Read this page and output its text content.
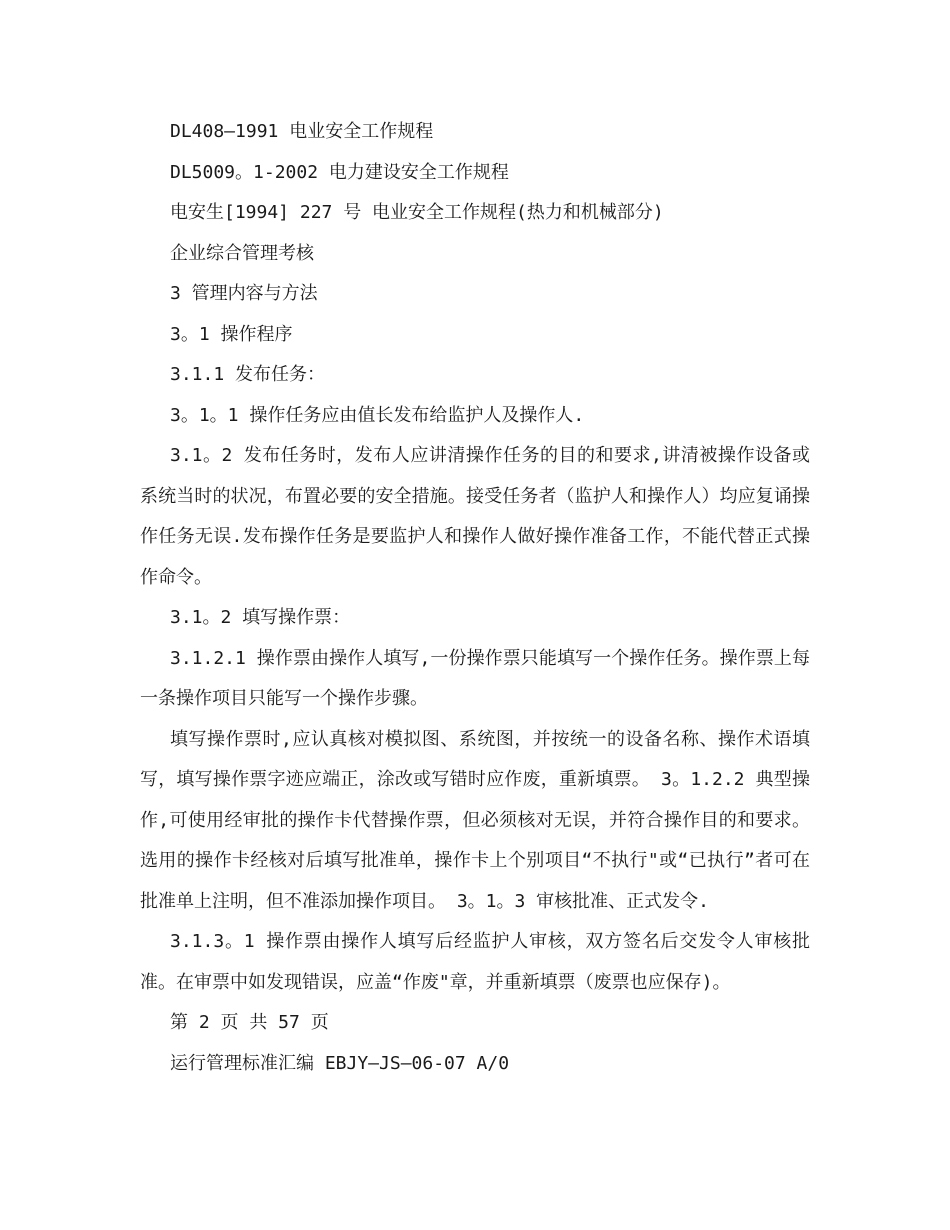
DL408—1991 电业安全工作规程
DL5009。1-2002 电力建设安全工作规程
电安生[1994] 227 号 电业安全工作规程(热力和机械部分)
企业综合管理考核
3 管理内容与方法
3。1 操作程序
3.1.1 发布任务：
3。1。1 操作任务应由值长发布给监护人及操作人.
3.1。2 发布任务时，发布人应讲清操作任务的目的和要求,讲清被操作设备或系统当时的状况，布置必要的安全措施。接受任务者（监护人和操作人）均应复诵操作任务无误.发布操作任务是要监护人和操作人做好操作准备工作，不能代替正式操作命令。
3.1。2 填写操作票：
3.1.2.1 操作票由操作人填写,一份操作票只能填写一个操作任务。操作票上每一条操作项目只能写一个操作步骤。
填写操作票时,应认真核对模拟图、系统图，并按统一的设备名称、操作术语填写，填写操作票字迹应端正，涂改或写错时应作废，重新填票。 3。1.2.2 典型操作,可使用经审批的操作卡代替操作票，但必须核对无误，并符合操作目的和要求。选用的操作卡经核对后填写批准单，操作卡上个别项目“不执行"或“已执行”者可在批准单上注明，但不准添加操作项目。 3。1。3 审核批准、正式发令.
3.1.3。1 操作票由操作人填写后经监护人审核，双方签名后交发令人审核批准。在审票中如发现错误，应盖“作废"章，并重新填票（废票也应保存)。
第 2 页 共 57 页
运行管理标准汇编 EBJY—JS—06-07 A/0
